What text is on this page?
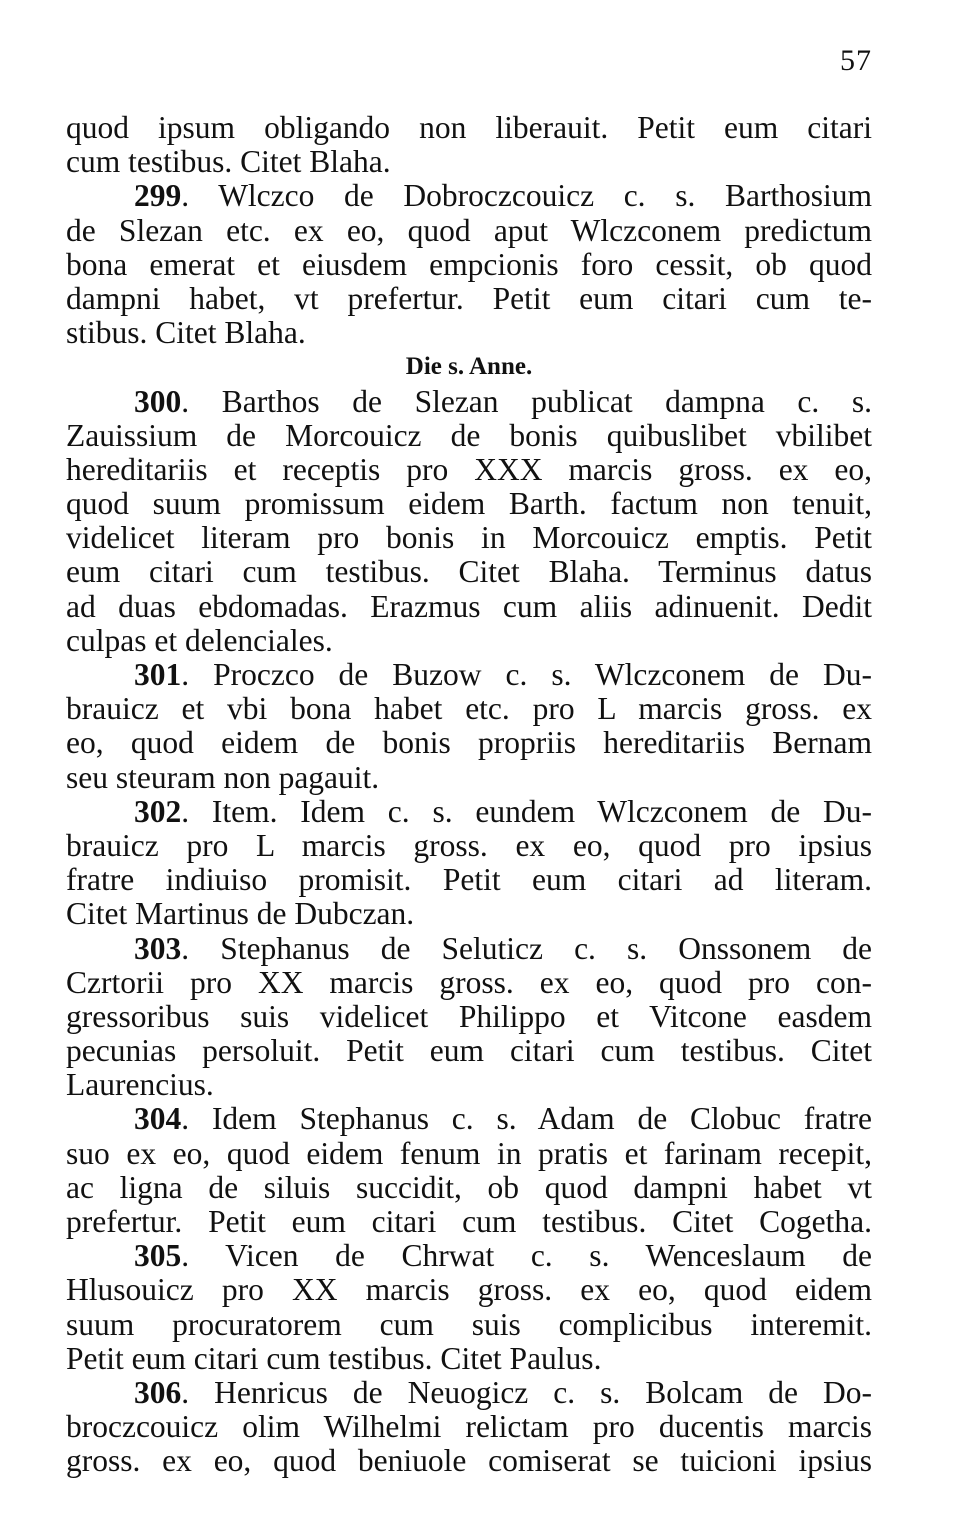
57
quod ipsum obligando non liberauit. Petit eum citari
cum testibus. Citet Blaha.
299. Wlczco de Dobroczcouicz c. s. Barthosium
de Slezan etc. ex eo, quod aput Wlczconem predictum
bona emerat et eiusdem empcionis foro cessit, ob quod
dampni habet, vt prefertur. Petit eum citari cum te-
stibus. Citet Blaha.
Die s. Anne.
300. Barthos de Slezan publicat dampna c. s.
Zauissium de Morcouicz de bonis quibuslibet vbilibet
hereditariis et receptis pro XXX marcis gross. ex eo,
quod suum promissum eidem Barth. factum non tenuit,
videlicet literam pro bonis in Morcouicz emptis. Petit
eum citari cum testibus. Citet Blaha. Terminus datus
ad duas ebdomadas. Erazmus cum aliis adinuenit. Dedit
culpas et delenciales.
301. Proczco de Buzow c. s. Wlczconem de Du-
brauicz et vbi bona habet etc. pro L marcis gross. ex
eo, quod eidem de bonis propriis hereditariis Bernam
seu steuram non pagauit.
302. Item. Idem c. s. eundem Wlczconem de Du-
brauicz pro L marcis gross. ex eo, quod pro ipsius
fratre indiuiso promisit. Petit eum citari ad literam.
Citet Martinus de Dubczan.
303. Stephanus de Seluticz c. s. Onssonem de
Czrtorii pro XX marcis gross. ex eo, quod pro con-
gressoribus suis videlicet Philippo et Vitcone easdem
pecunias persoluit. Petit eum citari cum testibus. Citet
Laurencius.
304. Idem Stephanus c. s. Adam de Clobuc fratre
suo ex eo, quod eidem fenum in pratis et farinam recepit,
ac ligna de siluis succidit, ob quod dampni habet vt
prefertur. Petit eum citari cum testibus. Citet Cogetha.
305. Vicen de Chrwat c. s. Wenceslaum de
Hlusouicz pro XX marcis gross. ex eo, quod eidem
suum procuratorem cum suis complicibus interemit.
Petit eum citari cum testibus. Citet Paulus.
306. Henricus de Neuogicz c. s. Bolcam de Do-
broczcouicz olim Wilhelmi relictam pro ducentis marcis
gross. ex eo, quod beniuole comiserat se tuicioni ipsius
